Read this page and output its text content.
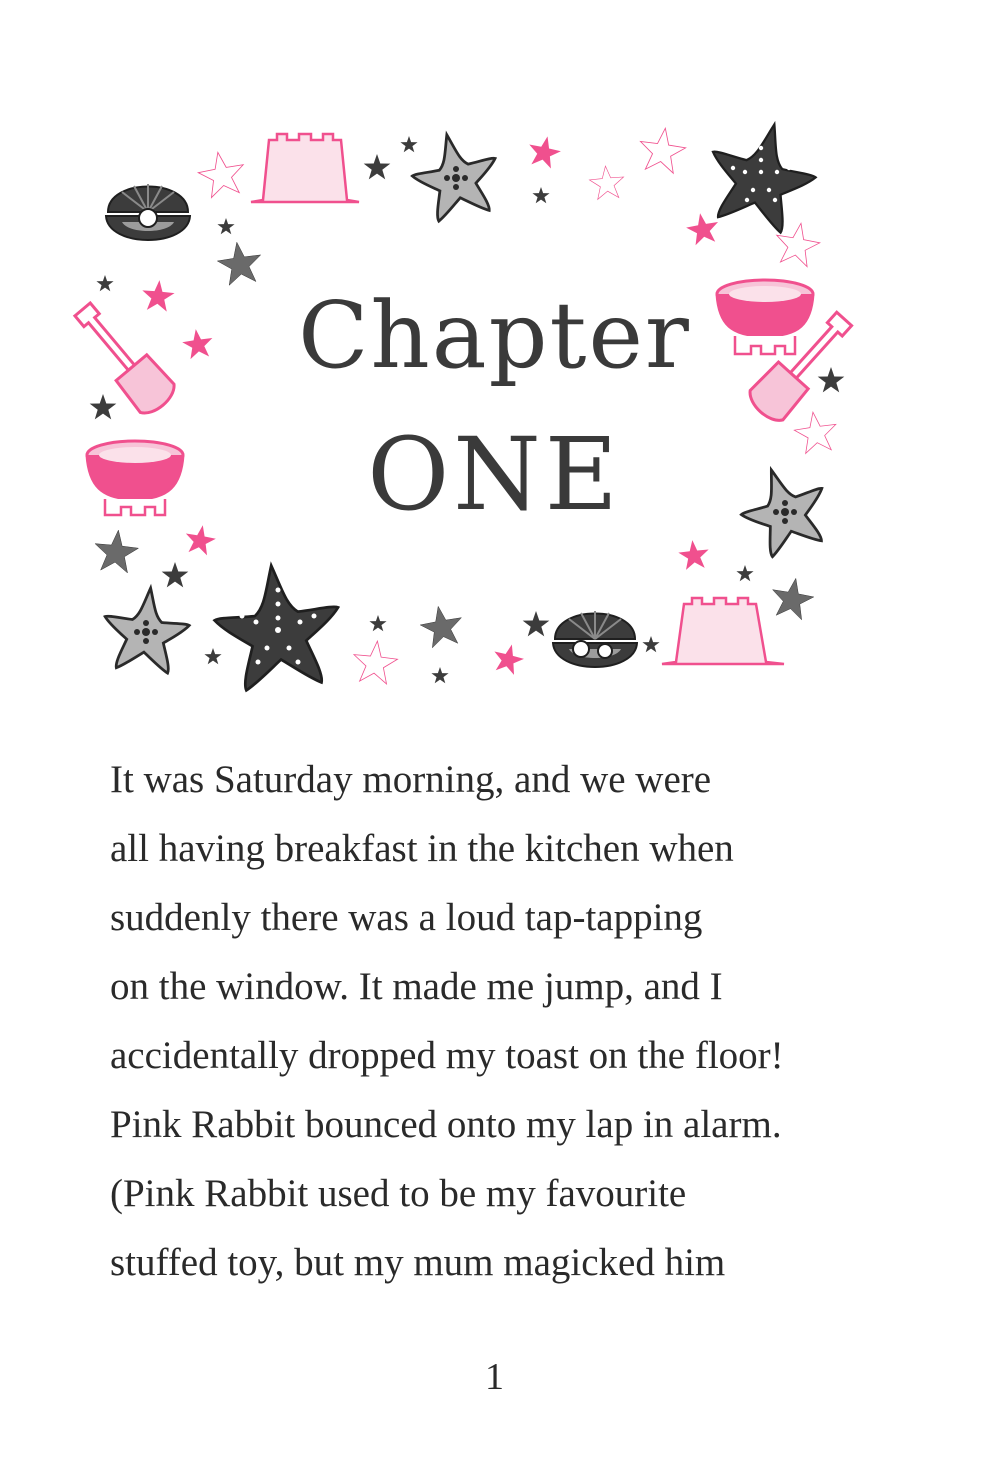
Chapter
ONE
It was Saturday morning, and we were
all having breakfast in the kitchen when
suddenly there was a loud tap-tapping
on the window. It made me jump, and I
accidentally dropped my toast on the floor!
Pink Rabbit bounced onto my lap in alarm.
(Pink Rabbit used to be my favourite
stuffed toy, but my mum magicked him
1
